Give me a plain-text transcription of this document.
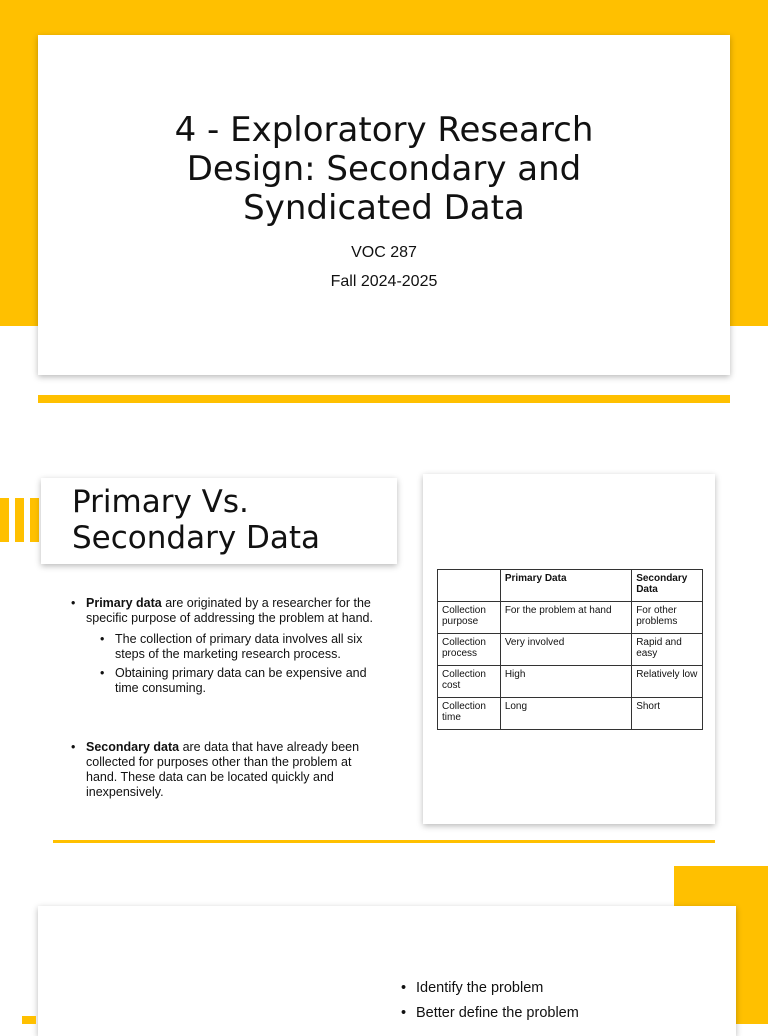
4 - Exploratory Research Design: Secondary and Syndicated Data
VOC 287
Fall 2024-2025
Primary Vs. Secondary Data
• Primary data are originated by a researcher for the specific purpose of addressing the problem at hand.
• The collection of primary data involves all six steps of the marketing research process.
• Obtaining primary data can be expensive and time consuming.
• Secondary data are data that have already been collected for purposes other than the problem at hand. These data can be located quickly and inexpensively.
	Primary Data	Secondary Data
Collection purpose	For the problem at hand	For other problems
Collection process	Very involved	Rapid and easy
Collection cost	High	Relatively low
Collection time	Long	Short
• Identify the problem
• Better define the problem
